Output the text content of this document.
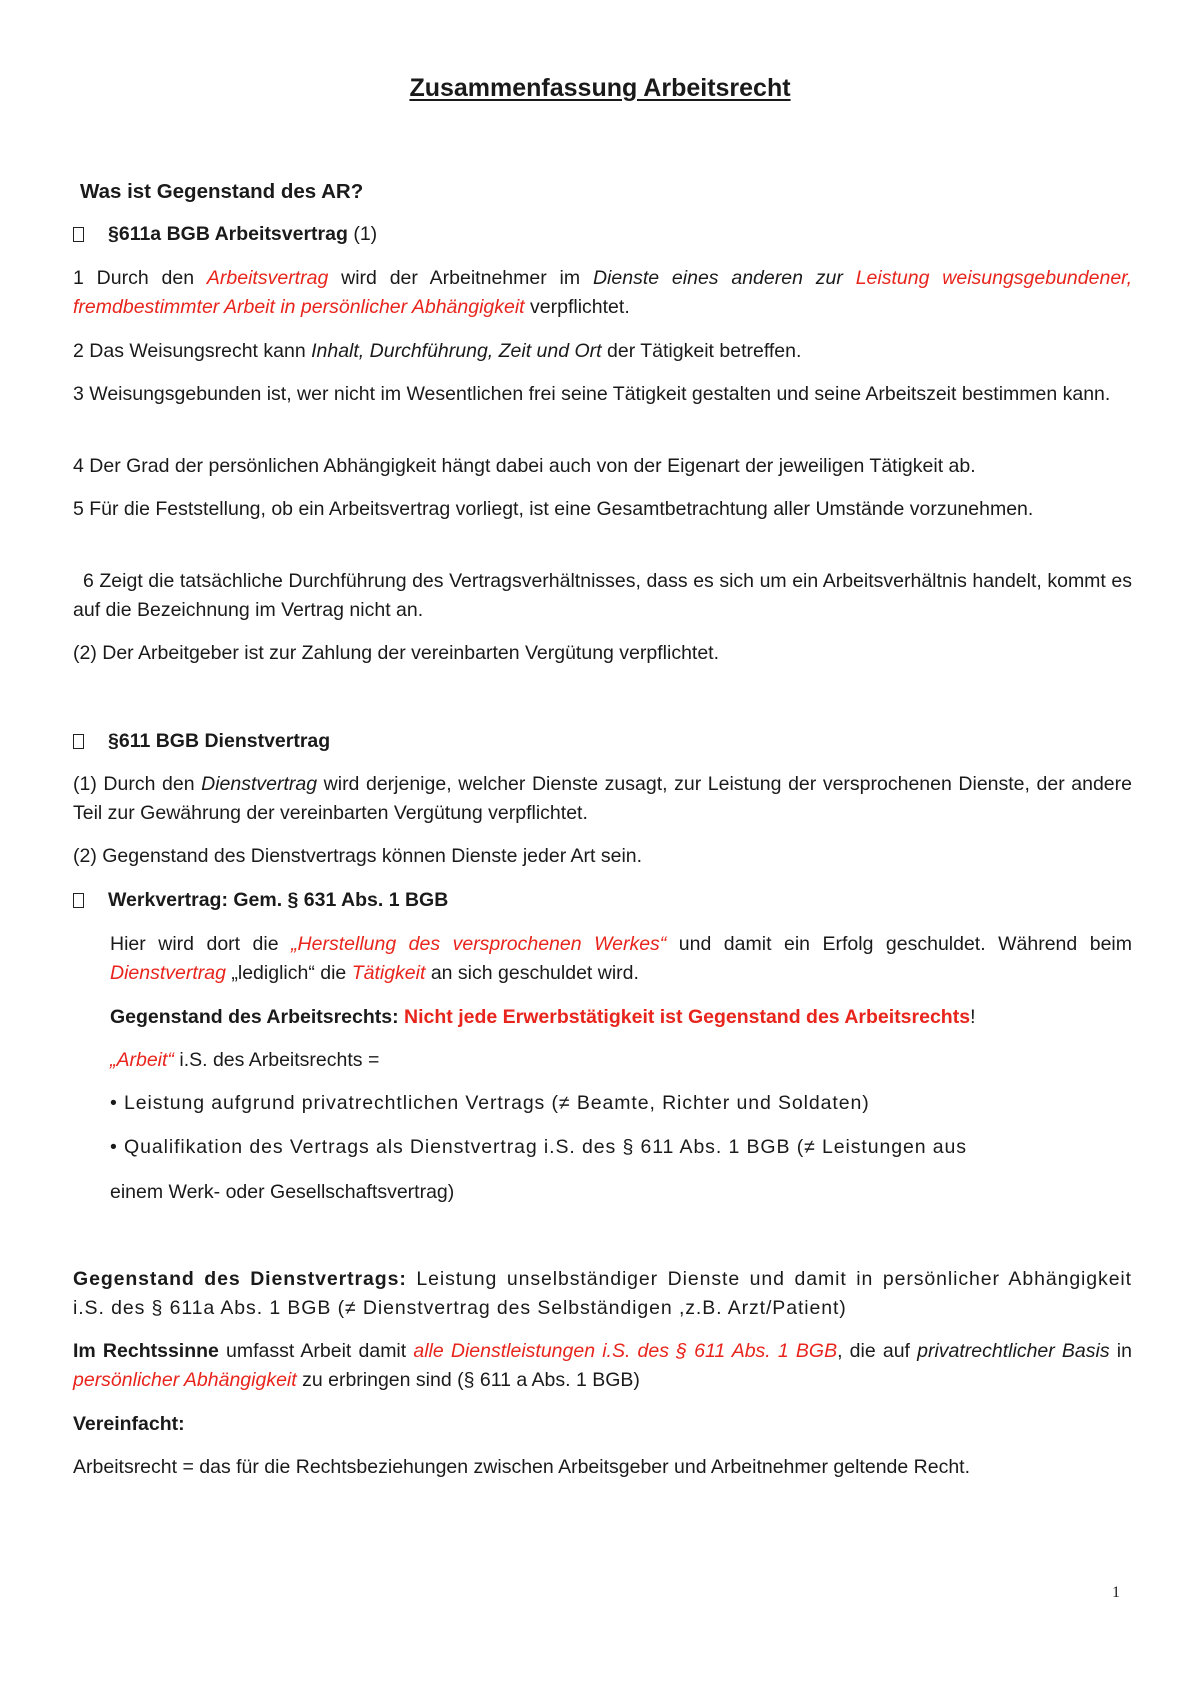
Zusammenfassung Arbeitsrecht
Was ist Gegenstand des AR?
§611a BGB Arbeitsvertrag (1)
1 Durch den Arbeitsvertrag wird der Arbeitnehmer im Dienste eines anderen zur Leistung weisungsgebundener, fremdbestimmter Arbeit in persönlicher Abhängigkeit verpflichtet.
2 Das Weisungsrecht kann Inhalt, Durchführung, Zeit und Ort der Tätigkeit betreffen.
3 Weisungsgebunden ist, wer nicht im Wesentlichen frei seine Tätigkeit gestalten und seine Arbeitszeit bestimmen kann.
4 Der Grad der persönlichen Abhängigkeit hängt dabei auch von der Eigenart der jeweiligen Tätigkeit ab.
5 Für die Feststellung, ob ein Arbeitsvertrag vorliegt, ist eine Gesamtbetrachtung aller Umstände vorzunehmen.
6 Zeigt die tatsächliche Durchführung des Vertragsverhältnisses, dass es sich um ein Arbeitsverhältnis handelt, kommt es auf die Bezeichnung im Vertrag nicht an.
(2) Der Arbeitgeber ist zur Zahlung der vereinbarten Vergütung verpflichtet.
§611 BGB Dienstvertrag
(1) Durch den Dienstvertrag wird derjenige, welcher Dienste zusagt, zur Leistung der versprochenen Dienste, der andere Teil zur Gewährung der vereinbarten Vergütung verpflichtet.
(2) Gegenstand des Dienstvertrags können Dienste jeder Art sein.
Werkvertrag: Gem. § 631 Abs. 1 BGB
Hier wird dort die „Herstellung des versprochenen Werkes“ und damit ein Erfolg geschuldet. Während beim Dienstvertrag „lediglich“ die Tätigkeit an sich geschuldet wird.
Gegenstand des Arbeitsrechts: Nicht jede Erwerbstätigkeit ist Gegenstand des Arbeitsrechts!
„Arbeit“ i.S. des Arbeitsrechts =
• Leistung aufgrund privatrechtlichen Vertrags (≠ Beamte, Richter und Soldaten)
• Qualifikation des Vertrags als Dienstvertrag i.S. des § 611 Abs. 1 BGB (≠ Leistungen aus
einem Werk- oder Gesellschaftsvertrag)
Gegenstand des Dienstvertrags: Leistung unselbständiger Dienste und damit in persönlicher Abhängigkeit i.S. des § 611a Abs. 1 BGB (≠ Dienstvertrag des Selbständigen ,z.B. Arzt/Patient)
Im Rechtssinne umfasst Arbeit damit alle Dienstleistungen i.S. des § 611 Abs. 1 BGB, die auf privatrechtlicher Basis in persönlicher Abhängigkeit zu erbringen sind (§ 611 a Abs. 1 BGB)
Vereinfacht:
Arbeitsrecht = das für die Rechtsbeziehungen zwischen Arbeitsgeber und Arbeitnehmer geltende Recht.
1
